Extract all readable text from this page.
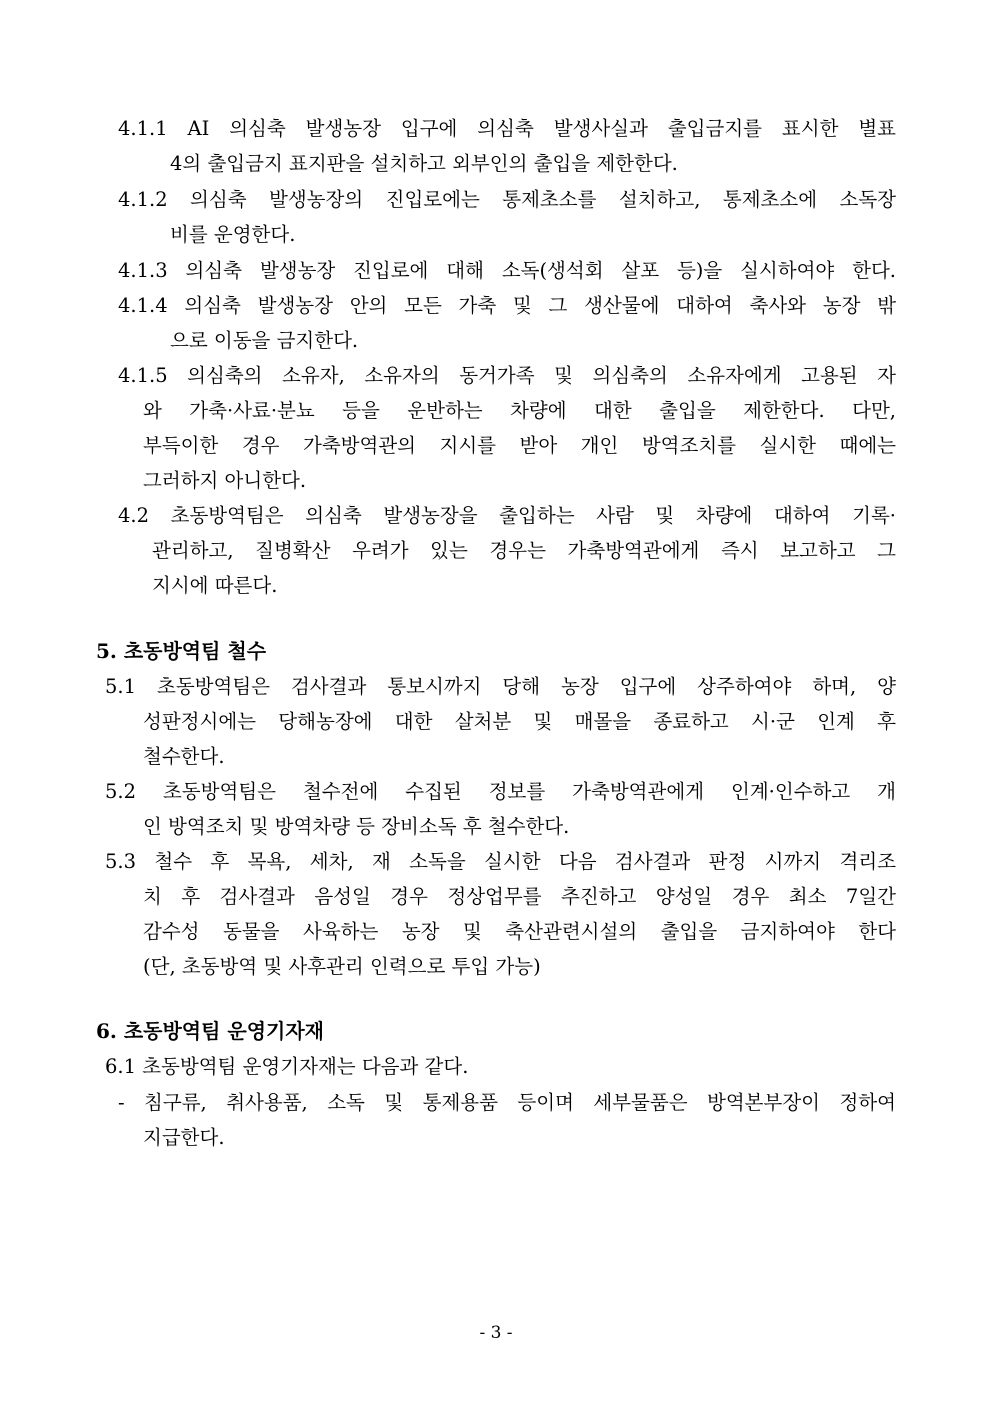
4.1.1 AI 의심축 발생농장 입구에 의심축 발생사실과 출입금지를 표시한 별표
4의 출입금지 표지판을 설치하고 외부인의 출입을 제한한다.
4.1.2 의심축 발생농장의 진입로에는 통제초소를 설치하고, 통제초소에 소독장
비를 운영한다.
4.1.3 의심축 발생농장 진입로에 대해 소독(생석회 살포 등)을 실시하여야 한다.
4.1.4 의심축 발생농장 안의 모든 가축 및 그 생산물에 대하여 축사와 농장 밖
으로 이동을 금지한다.
4.1.5 의심축의 소유자, 소유자의 동거가족 및 의심축의 소유자에게 고용된 자
와 가축·사료·분뇨 등을 운반하는 차량에 대한 출입을 제한한다. 다만,
부득이한 경우 가축방역관의 지시를 받아 개인 방역조치를 실시한 때에는
그러하지 아니한다.
4.2 초동방역팀은 의심축 발생농장을 출입하는 사람 및 차량에 대하여 기록·
관리하고, 질병확산 우려가 있는 경우는 가축방역관에게 즉시 보고하고 그
지시에 따른다.
5. 초동방역팀 철수
5.1 초동방역팀은 검사결과 통보시까지 당해 농장 입구에 상주하여야 하며, 양
성판정시에는 당해농장에 대한 살처분 및 매몰을 종료하고 시·군 인계 후
철수한다.
5.2 초동방역팀은 철수전에 수집된 정보를 가축방역관에게 인계·인수하고 개
인 방역조치 및 방역차량 등 장비소독 후 철수한다.
5.3 철수 후 목욕, 세차, 재 소독을 실시한 다음 검사결과 판정 시까지 격리조
치 후 검사결과 음성일 경우 정상업무를 추진하고 양성일 경우 최소 7일간
감수성 동물을 사육하는 농장 및 축산관련시설의 출입을 금지하여야 한다
(단, 초동방역 및 사후관리 인력으로 투입 가능)
6. 초동방역팀 운영기자재
6.1 초동방역팀 운영기자재는 다음과 같다.
- 침구류, 취사용품, 소독 및 통제용품 등이며 세부물품은 방역본부장이 정하여
지급한다.
- 3 -
